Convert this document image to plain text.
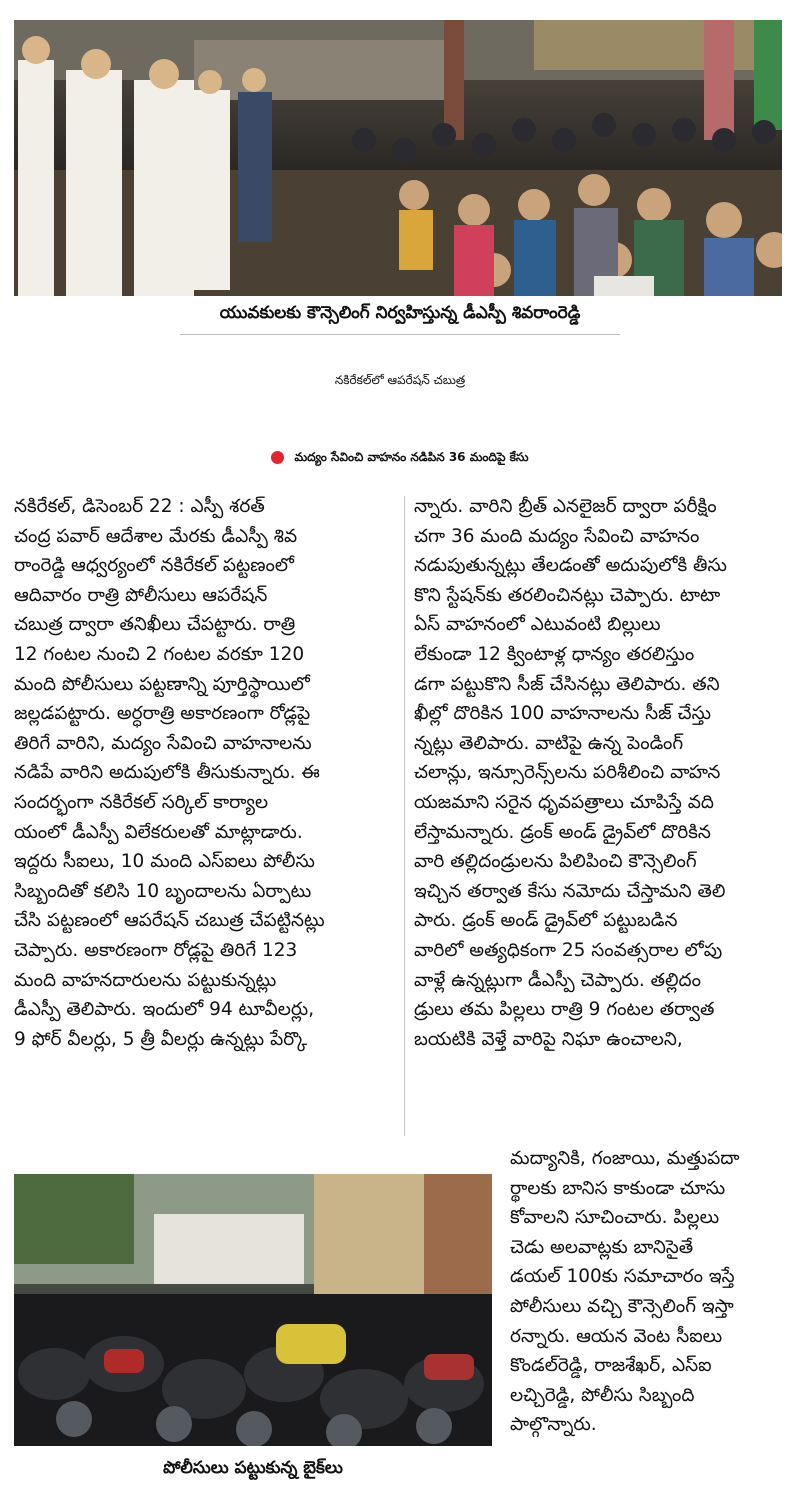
యువకులకు కౌన్సెలింగ్ నిర్వహిస్తున్న డీఎస్పీ శివరాంరెడ్డి
నకిరేకల్‌లో ఆపరేషన్ చబుత్ర
మద్యం సేవించి వాహనం నడిపిన 36 మందిపై కేసు
నకిరేకల్, డిసెంబర్ 22 : ఎస్పీ శరత్
చంద్ర పవార్ ఆదేశాల మేరకు డీఎస్పీ శివ
రాంరెడ్డి ఆధ్వర్యంలో నకిరేకల్ పట్టణంలో
ఆదివారం రాత్రి పోలీసులు ఆపరేషన్
చబుత్ర ద్వారా తనిఖీలు చేపట్టారు. రాత్రి
12 గంటల నుంచి 2 గంటల వరకూ 120
మంది పోలీసులు పట్టణాన్ని పూర్తిస్థాయిలో
జల్లడపట్టారు. అర్ధరాత్రి అకారణంగా రోడ్లపై
తిరిగే వారిని, మద్యం సేవించి వాహనాలను
నడిపే వారిని అదుపులోకి తీసుకున్నారు. ఈ
సందర్భంగా నకిరేకల్ సర్కిల్ కార్యాల
యంలో డీఎస్పీ విలేకరులతో మాట్లాడారు.
ఇద్దరు సీఐలు, 10 మంది ఎస్ఐలు పోలీసు
సిబ్బందితో కలిసి 10 బృందాలను ఏర్పాటు
చేసి పట్టణంలో ఆపరేషన్ చబుత్ర చేపట్టినట్లు
చెప్పారు. అకారణంగా రోడ్లపై తిరిగే 123
మంది వాహనదారులను పట్టుకున్నట్లు
డీఎస్పీ తెలిపారు. ఇందులో 94 టూవీలర్లు,
9 ఫోర్ వీలర్లు, 5 త్రీ వీలర్లు ఉన్నట్లు పేర్కొ
న్నారు. వారిని బ్రీత్ ఎనలైజర్ ద్వారా పరీక్షిం
చగా 36 మంది మద్యం సేవించి వాహనం
నడుపుతున్నట్లు తేలడంతో అదుపులోకి తీసు
కొని స్టేషన్‌కు తరలించినట్లు చెప్పారు. టాటా
ఏస్ వాహనంలో ఎటువంటి బిల్లులు
లేకుండా 12 క్వింటాళ్ల ధాన్యం తరలిస్తుం
డగా పట్టుకొని సీజ్ చేసినట్లు తెలిపారు. తని
ఖీల్లో దొరికిన 100 వాహనాలను సీజ్ చేస్తు
న్నట్లు తెలిపారు. వాటిపై ఉన్న పెండింగ్
చలాన్లు, ఇన్సూరెన్స్‌లను పరిశీలించి వాహన
యజమాని సరైన ధృవపత్రాలు చూపిస్తే వది
లేస్తామన్నారు. డ్రంక్ అండ్ డ్రైవ్‌లో దొరికిన
వారి తల్లిదండ్రులను పిలిపించి కౌన్సెలింగ్
ఇచ్చిన తర్వాత కేసు నమోదు చేస్తామని తెలి
పారు. డ్రంక్ అండ్ డ్రైవ్‌లో పట్టుబడిన
వారిలో అత్యధికంగా 25 సంవత్సరాల లోపు
వాళ్లే ఉన్నట్లుగా డీఎస్పీ చెప్పారు. తల్లిదం
డ్రులు తమ పిల్లలు రాత్రి 9 గంటల తర్వాత
బయటికి వెళ్తే వారిపై నిఘా ఉంచాలని,
మద్యానికి, గంజాయి, మత్తుపదా
ర్థాలకు బానిస కాకుండా చూసు
కోవాలని సూచించారు. పిల్లలు
చెడు అలవాట్లకు బానిసైతే
డయల్ 100కు సమాచారం ఇస్తే
పోలీసులు వచ్చి కౌన్సెలింగ్ ఇస్తా
రన్నారు. ఆయన వెంట సీఐలు
కొండల్‌రెడ్డి, రాజశేఖర్, ఎస్ఐ
లచ్చిరెడ్డి, పోలీసు సిబ్బంది
పాల్గొన్నారు.
పోలీసులు పట్టుకున్న బైక్‌లు
